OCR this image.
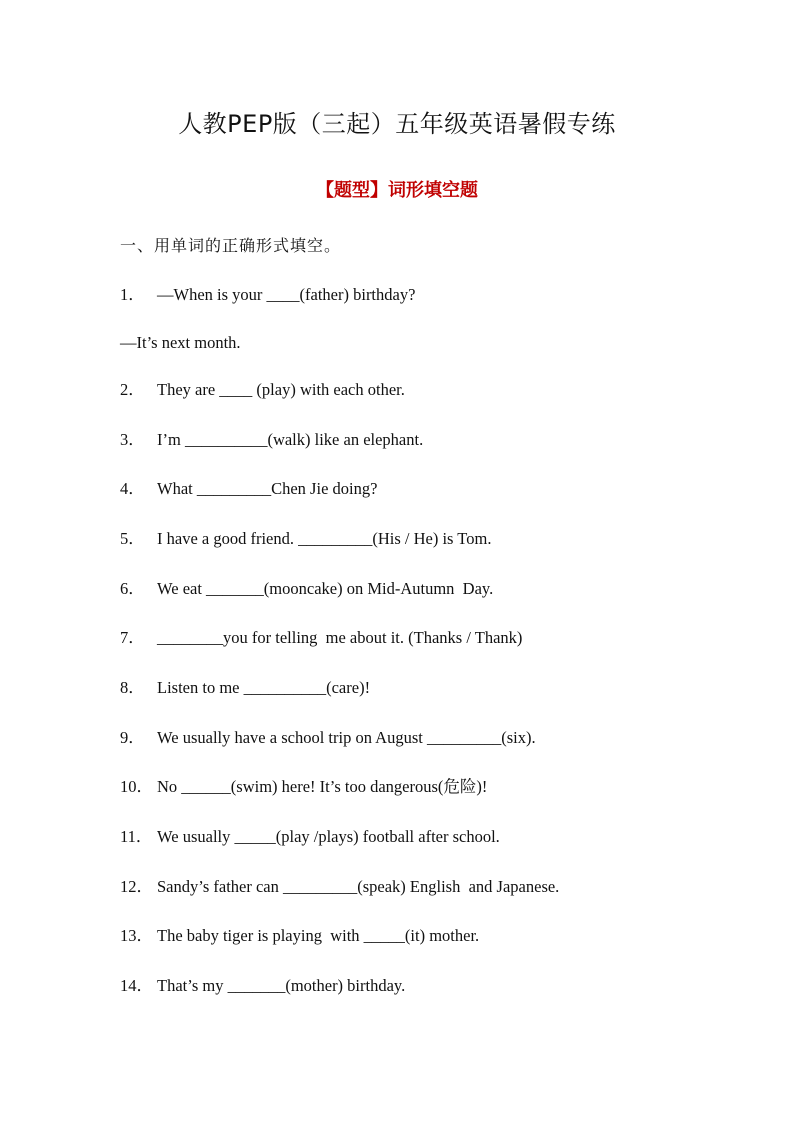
人教PEP版（三起）五年级英语暑假专练
【题型】词形填空题
一、用单词的正确形式填空。
1． —When is your ____(father) birthday?
—It’s next month.
2． They are ____ (play) with each other.
3． I’m __________(walk) like an elephant.
4． What _________Chen Jie doing?
5． I have a good friend. _________(His / He) is Tom.
6． We eat _______(mooncake) on Mid-Autumn  Day.
7． ________you for telling  me about it. (Thanks / Thank)
8． Listen to me __________(care)!
9． We usually have a school trip on August _________(six).
10． No ______(swim) here! It’s too dangerous(危险)!
11． We usually _____(play /plays) football after school.
12． Sandy’s father can _________(speak) English  and Japanese.
13． The baby tiger is playing  with _____(it) mother.
14． That’s my _______(mother) birthday.
